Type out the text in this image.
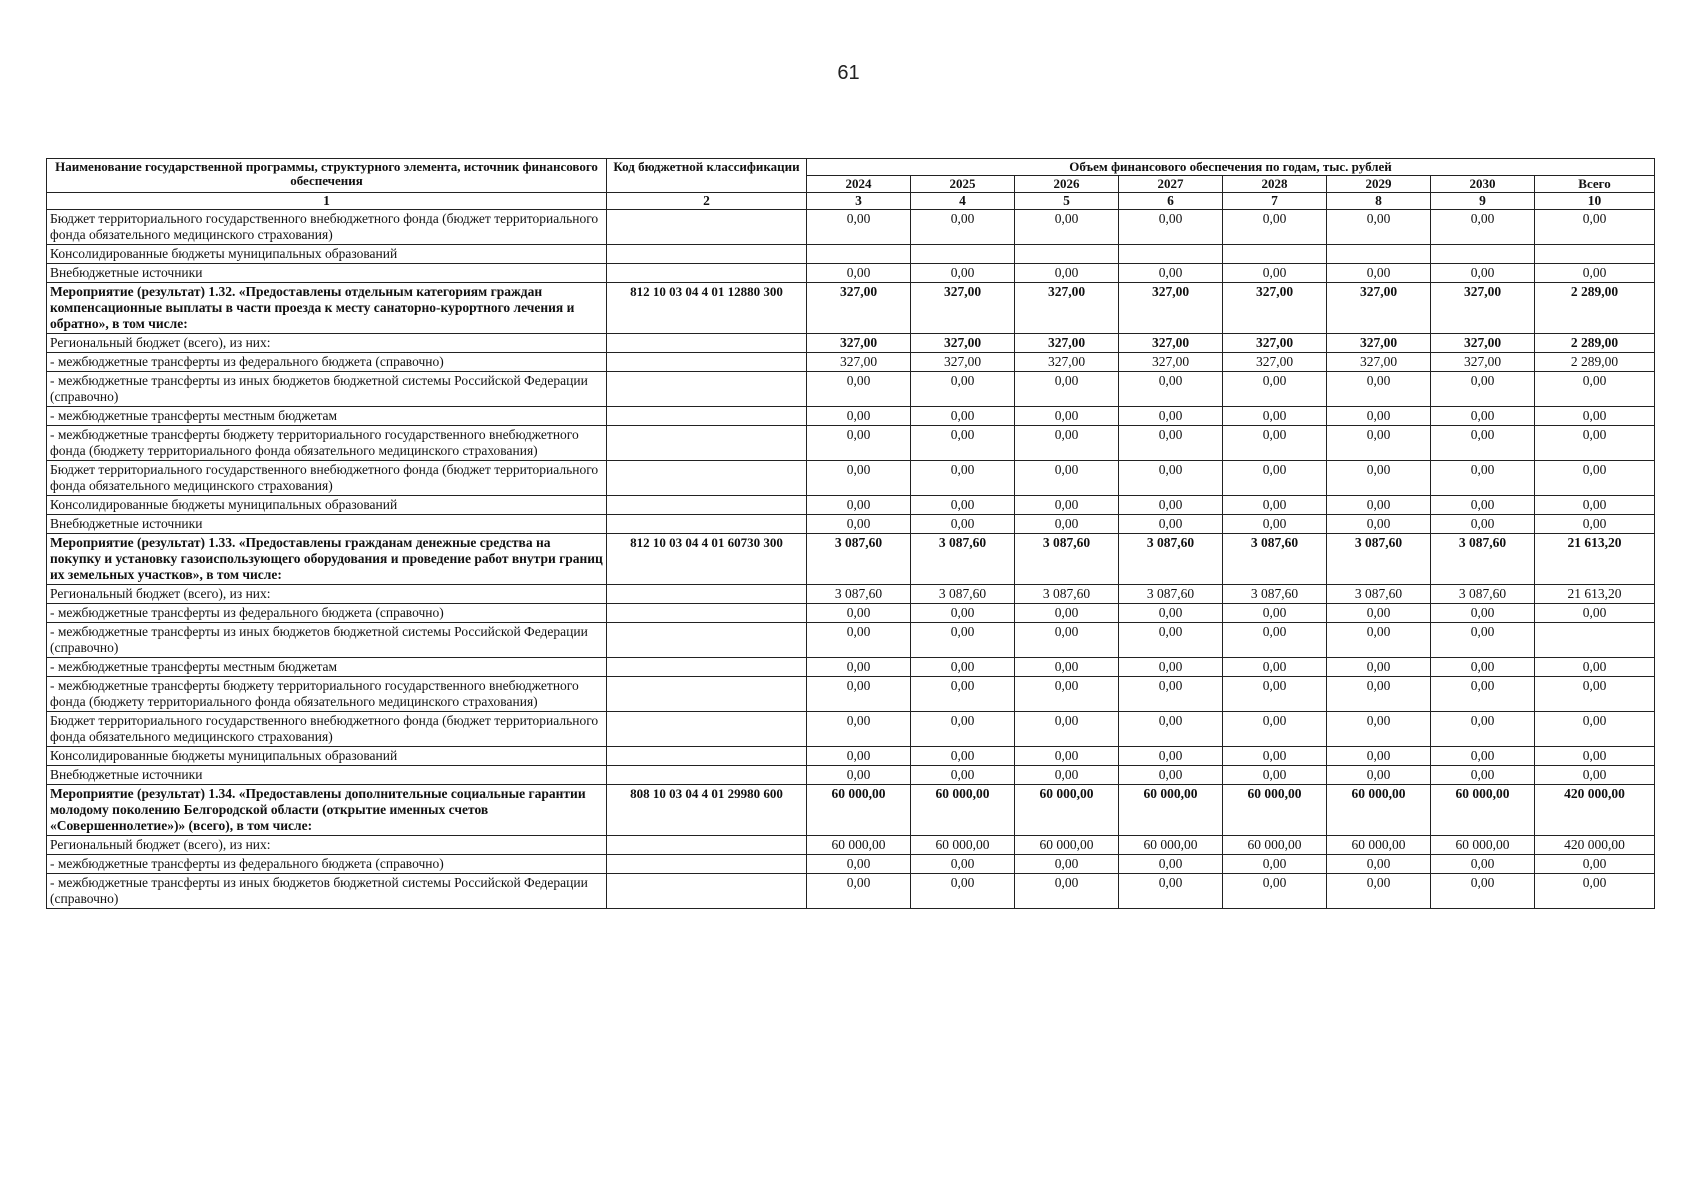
61
Наименование государственной программы, структурного элемента, источник финансового обеспечения	Код бюджетной классификации	Объем финансового обеспечения по годам, тыс. рублей							
		2024	2025	2026	2027	2028	2029	2030	Всего
1	2	3	4	5	6	7	8	9	10
Бюджет территориального государственного внебюджетного фонда (бюджет территориального фонда обязательного медицинского страхования)		0,00	0,00	0,00	0,00	0,00	0,00	0,00	0,00
Консолидированные бюджеты муниципальных образований									
Внебюджетные источники		0,00	0,00	0,00	0,00	0,00	0,00	0,00	0,00
Мероприятие (результат) 1.32. «Предоставлены отдельным категориям граждан компенсационные выплаты в части проезда к месту санаторно-курортного лечения и обратно», в том числе:	812 10 03 04 4 01 12880 300	327,00	327,00	327,00	327,00	327,00	327,00	327,00	2 289,00
Региональный бюджет (всего), из них:		327,00	327,00	327,00	327,00	327,00	327,00	327,00	2 289,00
- межбюджетные трансферты из федерального бюджета (справочно)		327,00	327,00	327,00	327,00	327,00	327,00	327,00	2 289,00
- межбюджетные трансферты из иных бюджетов бюджетной системы Российской Федерации (справочно)		0,00	0,00	0,00	0,00	0,00	0,00	0,00	0,00
- межбюджетные трансферты местным бюджетам		0,00	0,00	0,00	0,00	0,00	0,00	0,00	0,00
- межбюджетные трансферты бюджету территориального государственного внебюджетного фонда (бюджету территориального фонда обязательного медицинского страхования)		0,00	0,00	0,00	0,00	0,00	0,00	0,00	0,00
Бюджет территориального государственного внебюджетного фонда (бюджет территориального фонда обязательного медицинского страхования)		0,00	0,00	0,00	0,00	0,00	0,00	0,00	0,00
Консолидированные бюджеты муниципальных образований		0,00	0,00	0,00	0,00	0,00	0,00	0,00	0,00
Внебюджетные источники		0,00	0,00	0,00	0,00	0,00	0,00	0,00	0,00
Мероприятие (результат) 1.33. «Предоставлены гражданам денежные средства на покупку и установку газоиспользующего оборудования и проведение работ внутри границ их земельных участков», в том числе:	812 10 03 04 4 01 60730 300	3 087,60	3 087,60	3 087,60	3 087,60	3 087,60	3 087,60	3 087,60	21 613,20
Региональный бюджет (всего), из них:		3 087,60	3 087,60	3 087,60	3 087,60	3 087,60	3 087,60	3 087,60	21 613,20
- межбюджетные трансферты из федерального бюджета (справочно)		0,00	0,00	0,00	0,00	0,00	0,00	0,00	0,00
- межбюджетные трансферты из иных бюджетов бюджетной системы Российской Федерации (справочно)		0,00	0,00	0,00	0,00	0,00	0,00	0,00	
- межбюджетные трансферты местным бюджетам		0,00	0,00	0,00	0,00	0,00	0,00	0,00	0,00
- межбюджетные трансферты бюджету территориального государственного внебюджетного фонда (бюджету территориального фонда обязательного медицинского страхования)		0,00	0,00	0,00	0,00	0,00	0,00	0,00	0,00
Бюджет территориального государственного внебюджетного фонда (бюджет территориального фонда обязательного медицинского страхования)		0,00	0,00	0,00	0,00	0,00	0,00	0,00	0,00
Консолидированные бюджеты муниципальных образований		0,00	0,00	0,00	0,00	0,00	0,00	0,00	0,00
Внебюджетные источники		0,00	0,00	0,00	0,00	0,00	0,00	0,00	0,00
Мероприятие (результат) 1.34. «Предоставлены дополнительные социальные гарантии молодому поколению Белгородской области (открытие именных счетов «Совершеннолетие»)» (всего), в том числе:	808 10 03 04 4 01 29980 600	60 000,00	60 000,00	60 000,00	60 000,00	60 000,00	60 000,00	60 000,00	420 000,00
Региональный бюджет (всего), из них:		60 000,00	60 000,00	60 000,00	60 000,00	60 000,00	60 000,00	60 000,00	420 000,00
- межбюджетные трансферты из федерального бюджета (справочно)		0,00	0,00	0,00	0,00	0,00	0,00	0,00	0,00
- межбюджетные трансферты из иных бюджетов бюджетной системы Российской Федерации (справочно)		0,00	0,00	0,00	0,00	0,00	0,00	0,00	0,00
